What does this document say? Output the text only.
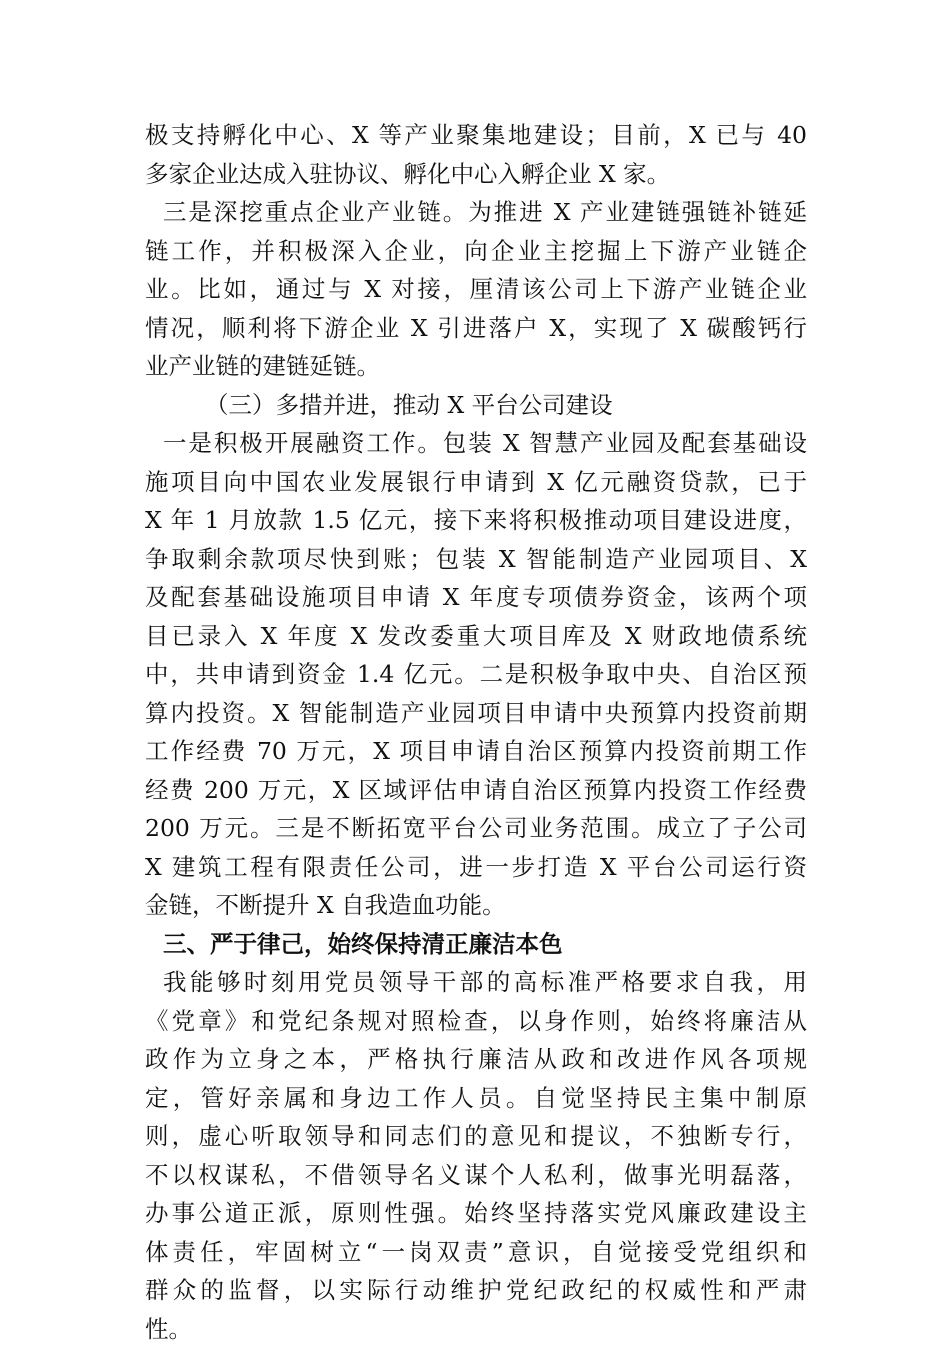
极支持孵化中心、X 等产业聚集地建设；目前，X 已与 40
多家企业达成入驻协议、孵化中心入孵企业 X 家。
三是深挖重点企业产业链。为推进 X 产业建链强链补链延
链工作，并积极深入企业，向企业主挖掘上下游产业链企
业。比如，通过与 X 对接，厘清该公司上下游产业链企业
情况，顺利将下游企业 X 引进落户 X，实现了 X 碳酸钙行
业产业链的建链延链。
（三）多措并进，推动 X 平台公司建设
一是积极开展融资工作。包装 X 智慧产业园及配套基础设
施项目向中国农业发展银行申请到 X 亿元融资贷款，已于
X 年 1 月放款 1.5 亿元，接下来将积极推动项目建设进度，
争取剩余款项尽快到账；包装 X 智能制造产业园项目、X
及配套基础设施项目申请 X 年度专项债券资金，该两个项
目已录入 X 年度 X 发改委重大项目库及 X 财政地债系统
中，共申请到资金 1.4 亿元。二是积极争取中央、自治区预
算内投资。X 智能制造产业园项目申请中央预算内投资前期
工作经费 70 万元，X 项目申请自治区预算内投资前期工作
经费 200 万元，X 区域评估申请自治区预算内投资工作经费
200 万元。三是不断拓宽平台公司业务范围。成立了子公司
X 建筑工程有限责任公司，进一步打造 X 平台公司运行资
金链，不断提升 X 自我造血功能。
三、严于律己，始终保持清正廉洁本色
我能够时刻用党员领导干部的高标准严格要求自我，用
《党章》和党纪条规对照检查，以身作则，始终将廉洁从
政作为立身之本，严格执行廉洁从政和改进作风各项规
定，管好亲属和身边工作人员。自觉坚持民主集中制原
则，虚心听取领导和同志们的意见和提议，不独断专行，
不以权谋私，不借领导名义谋个人私利，做事光明磊落，
办事公道正派，原则性强。始终坚持落实党风廉政建设主
体责任，牢固树立“一岗双责”意识，自觉接受党组织和
群众的监督，以实际行动维护党纪政纪的权威性和严肃
性。
